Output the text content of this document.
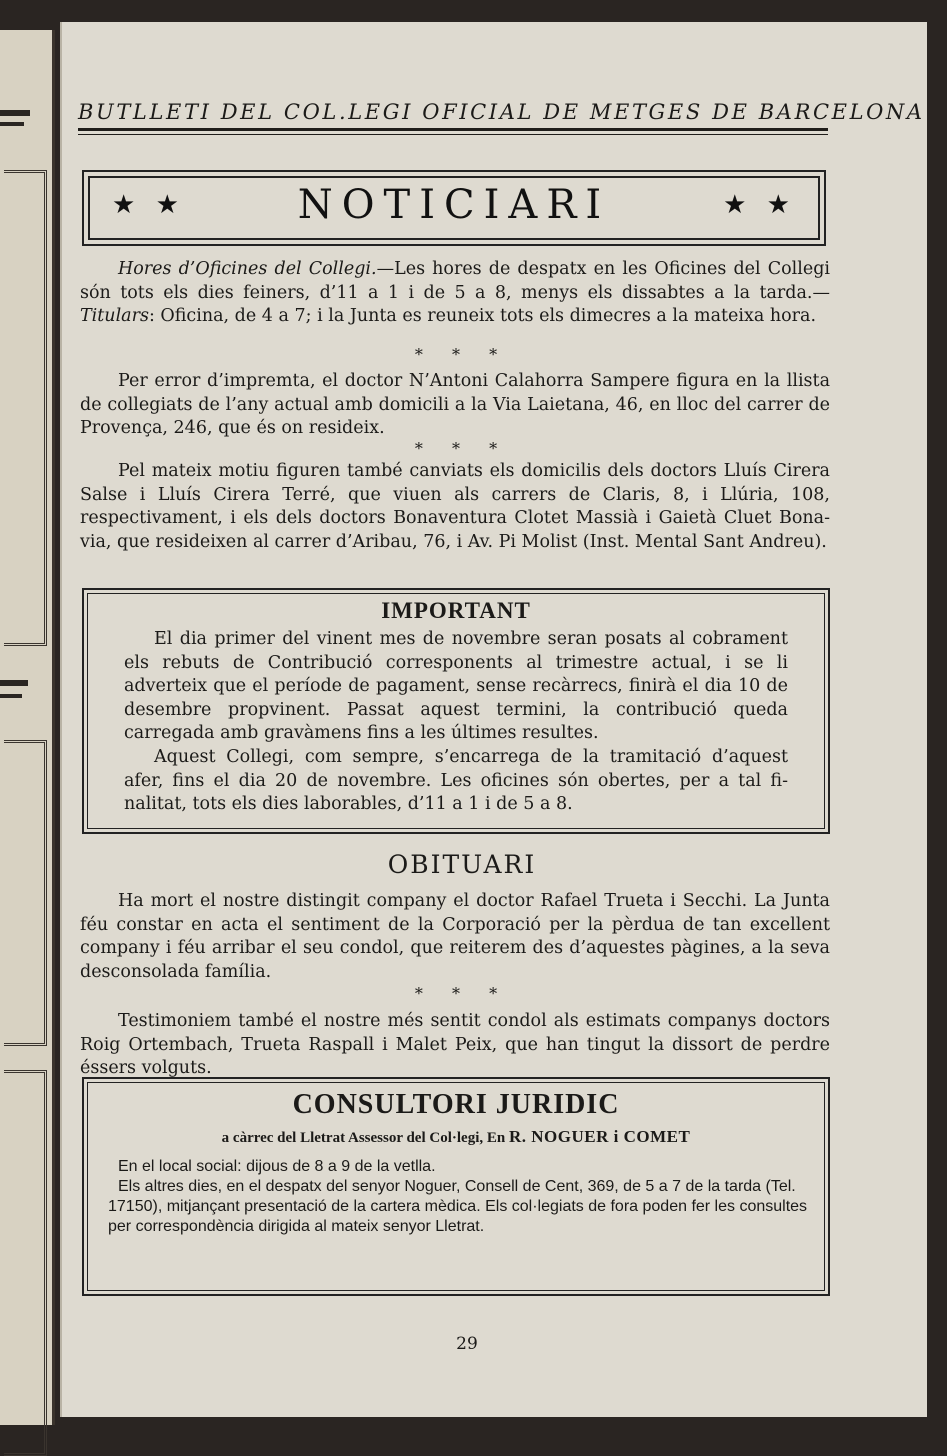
BUTLLETI DEL COL.LEGI OFICIAL DE METGES DE BARCELONA
★ ★	NOTICIARI	★ ★
Hores d’Oficines del Collegi.—Les hores de despatx en les Oficines del Collegi són tots els dies feiners, d’11 a 1 i de 5 a 8, menys els dissabtes a la tarda.—Titulars: Oficina, de 4 a 7; i la Junta es reuneix tots els dimecres a la mateixa hora.
* * *
Per error d’impremta, el doctor N’Antoni Calahorra Sampere figura en la llista de collegiats de l’any actual amb domicili a la Via Laietana, 46, en lloc del carrer de Provença, 246, que és on resideix.
* * *
Pel mateix motiu figuren també canviats els domicilis dels doctors Lluís Cirera Salse i Lluís Cirera Terré, que viuen als carrers de Claris, 8, i Llúria, 108, respectivament, i els dels doctors Bonaventura Clotet Massià i Gaietà Cluet Bonavia, que resideixen al carrer d’Aribau, 76, i Av. Pi Molist (Inst. Mental Sant Andreu).
IMPORTANT
El dia primer del vinent mes de novembre seran posats al cobrament els rebuts de Contribució corresponents al trimestre actual, i se li adverteix que el període de pagament, sense recàrrecs, finirà el dia 10 de desembre propvinent. Passat aquest termini, la contribució queda carregada amb gravàmens fins a les últimes resultes.
Aquest Collegi, com sempre, s’encarrega de la tramitació d’aquest afer, fins el dia 20 de novembre. Les oficines són obertes, per a tal finalitat, tots els dies laborables, d’11 a 1 i de 5 a 8.
OBITUARI
Ha mort el nostre distingit company el doctor Rafael Trueta i Secchi. La Junta féu constar en acta el sentiment de la Corporació per la pèrdua de tan excellent company i féu arribar el seu condol, que reiterem des d’aquestes pàgines, a la seva desconsolada família.
* * *
Testimoniem també el nostre més sentit condol als estimats companys doctors Roig Ortembach, Trueta Raspall i Malet Peix, que han tingut la dissort de perdre éssers volguts.
CONSULTORI JURIDIC
a càrrec del Lletrat Assessor del Col·legi, En R. NOGUER i COMET
En el local social: dijous de 8 a 9 de la vetlla.
Els altres dies, en el despatx del senyor Noguer, Consell de Cent, 369, de 5 a 7 de la tarda (Tel. 17150), mitjançant presentació de la cartera mèdica. Els col·legiats de fora poden fer les consultes per correspondència dirigida al mateix senyor Lletrat.
29
